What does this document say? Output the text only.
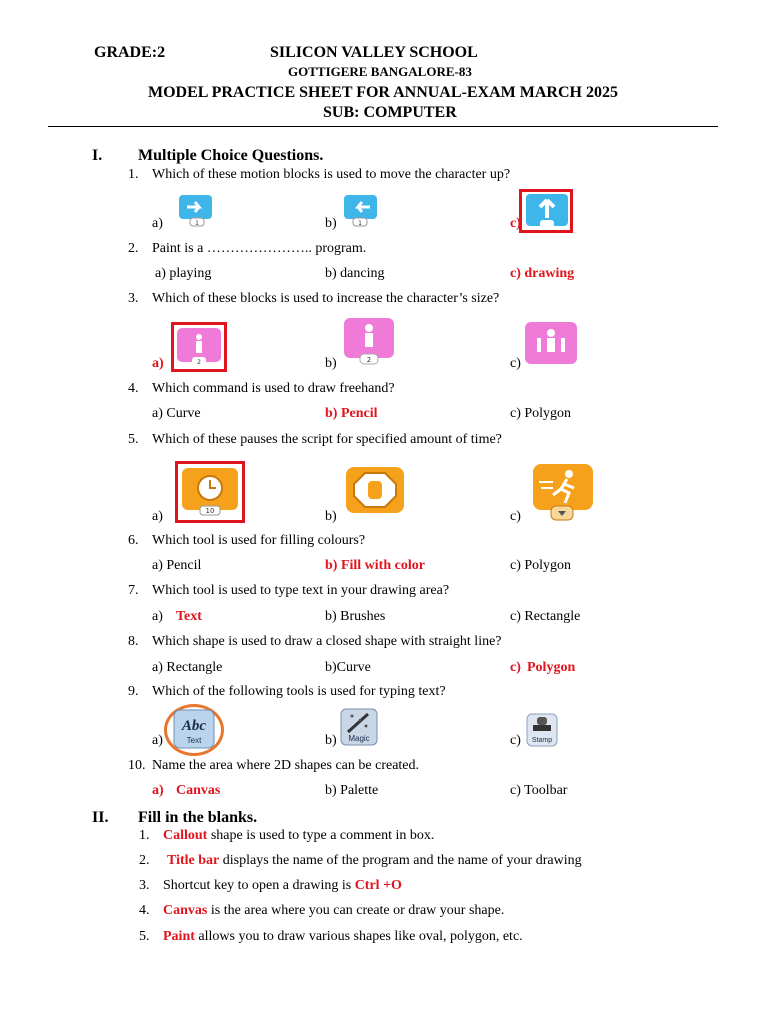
GRADE:2	SILICON VALLEY SCHOOL
GOTTIGERE BANGALORE-83
MODEL PRACTICE SHEET FOR ANNUAL-EXAM MARCH 2025
SUB: COMPUTER
I. Multiple Choice Questions.
1. Which of these motion blocks is used to move the character up?
a)	b)	c)
1	1
2. Paint is a ………………….. program.
a) playing	b) dancing	c) drawing
3. Which of these blocks is used to increase the character’s size?
a)	b)	c)
2	2
4. Which command is used to draw freehand?
a) Curve	b) Pencil	c) Polygon
5. Which of these pauses the script for specified amount of time?
a)	b)	c)
10
6. Which tool is used for filling colours?
a) Pencil	b) Fill with color	c) Polygon
7. Which tool is used to type text in your drawing area?
a) Text	b) Brushes	c) Rectangle
8. Which shape is used to draw a closed shape with straight line?
a) Rectangle	b)Curve	c) Polygon
9. Which of the following tools is used for typing text?
a)	b)	c)
Abc
Text	Magic	Stamp
10. Name the area where 2D shapes can be created.
a) Canvas	b) Palette	c) Toolbar
II. Fill in the blanks.
1. Callout shape is used to type a comment in box.
2. Title bar displays the name of the program and the name of your drawing
3. Shortcut key to open a drawing is Ctrl +O
4. Canvas is the area where you can create or draw your shape.
5. Paint allows you to draw various shapes like oval, polygon, etc.
